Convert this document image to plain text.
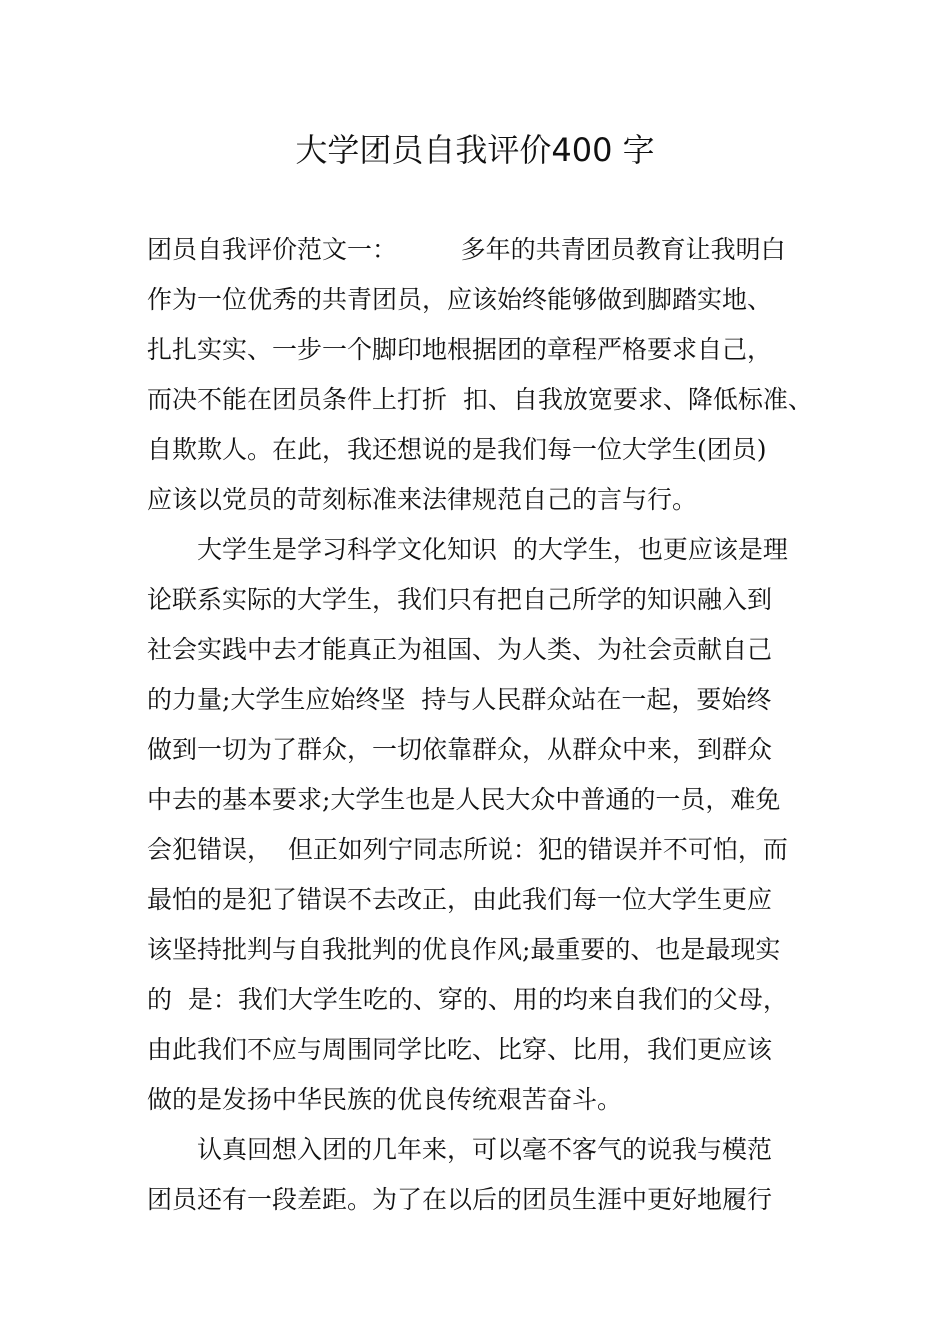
大学团员自我评价400 字
团员自我评价范文一：        多年的共青团员教育让我明白
作为一位优秀的共青团员，应该始终能够做到脚踏实地、
扎扎实实、一步一个脚印地根据团的章程严格要求自己，
而决不能在团员条件上打折  扣、自我放宽要求、降低标准、
自欺欺人。在此，我还想说的是我们每一位大学生(团员)
应该以党员的苛刻标准来法律规范自己的言与行。
大学生是学习科学文化知识  的大学生，也更应该是理
论联系实际的大学生，我们只有把自己所学的知识融入到
社会实践中去才能真正为祖国、为人类、为社会贡献自己
的力量;大学生应始终坚  持与人民群众站在一起，要始终
做到一切为了群众，一切依靠群众，从群众中来，到群众
中去的基本要求;大学生也是人民大众中普通的一员，难免
会犯错误，  但正如列宁同志所说：犯的错误并不可怕，而
最怕的是犯了错误不去改正，由此我们每一位大学生更应
该坚持批判与自我批判的优良作风;最重要的、也是最现实
的  是：我们大学生吃的、穿的、用的均来自我们的父母，
由此我们不应与周围同学比吃、比穿、比用，我们更应该
做的是发扬中华民族的优良传统艰苦奋斗。
认真回想入团的几年来，可以毫不客气的说我与模范
团员还有一段差距。为了在以后的团员生涯中更好地履行
